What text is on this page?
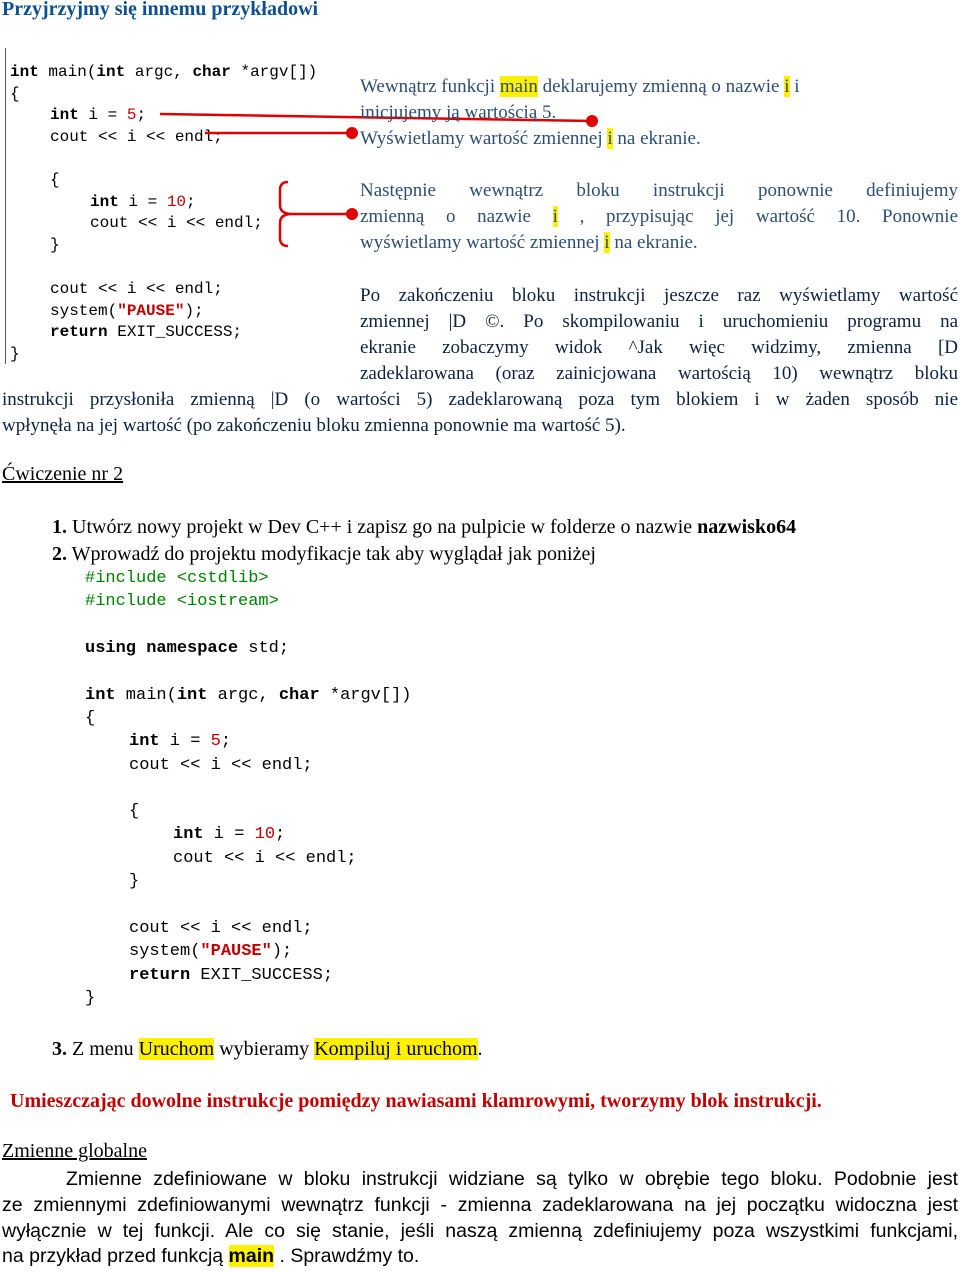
Przyjrzyjmy się innemu przykładowi
int main(int argc, char *argv[])
{
int i = 5;
cout << i << endl;
{
int i = 10;
cout << i << endl;
}
cout << i << endl;
system("PAUSE");
return EXIT_SUCCESS;
}
Wewnątrz funkcji main deklarujemy zmienną o nazwie i i
inicjujemy ją wartością 5.
Wyświetlamy wartość zmiennej i na ekranie.
Następnie wewnątrz bloku instrukcji ponownie definiujemy
zmienną o nazwie i , przypisując jej wartość 10. Ponownie
wyświetlamy wartość zmiennej i na ekranie.
Po zakończeniu bloku instrukcji jeszcze raz wyświetlamy wartość
zmiennej |D ©. Po skompilowaniu i uruchomieniu programu na
ekranie zobaczymy widok ^Jak więc widzimy, zmienna [D
zadeklarowana (oraz zainicjowana wartością 10) wewnątrz bloku
instrukcji przysłoniła zmienną |D (o wartości 5) zadeklarowaną poza tym blokiem i w żaden sposób nie
wpłynęła na jej wartość (po zakończeniu bloku zmienna ponownie ma wartość 5).
Ćwiczenie nr 2
1. Utwórz nowy projekt w Dev C++ i zapisz go na pulpicie w folderze o nazwie nazwisko64
2. Wprowadź do projektu modyfikacje tak aby wyglądał jak poniżej
#include <cstdlib>
#include <iostream>
using namespace std;
int main(int argc, char *argv[])
{
int i = 5;
cout << i << endl;
{
int i = 10;
cout << i << endl;
}
cout << i << endl;
system("PAUSE");
return EXIT_SUCCESS;
}
3. Z menu Uruchom wybieramy Kompiluj i uruchom.
Umieszczając dowolne instrukcje pomiędzy nawiasami klamrowymi, tworzymy blok instrukcji.
Zmienne globalne
Zmienne zdefiniowane w bloku instrukcji widziane są tylko w obrębie tego bloku. Podobnie jest
ze zmiennymi zdefiniowanymi wewnątrz funkcji - zmienna zadeklarowana na jej początku widoczna jest
wyłącznie w tej funkcji. Ale co się stanie, jeśli naszą zmienną zdefiniujemy poza wszystkimi funkcjami,
na przykład przed funkcją main . Sprawdźmy to.
